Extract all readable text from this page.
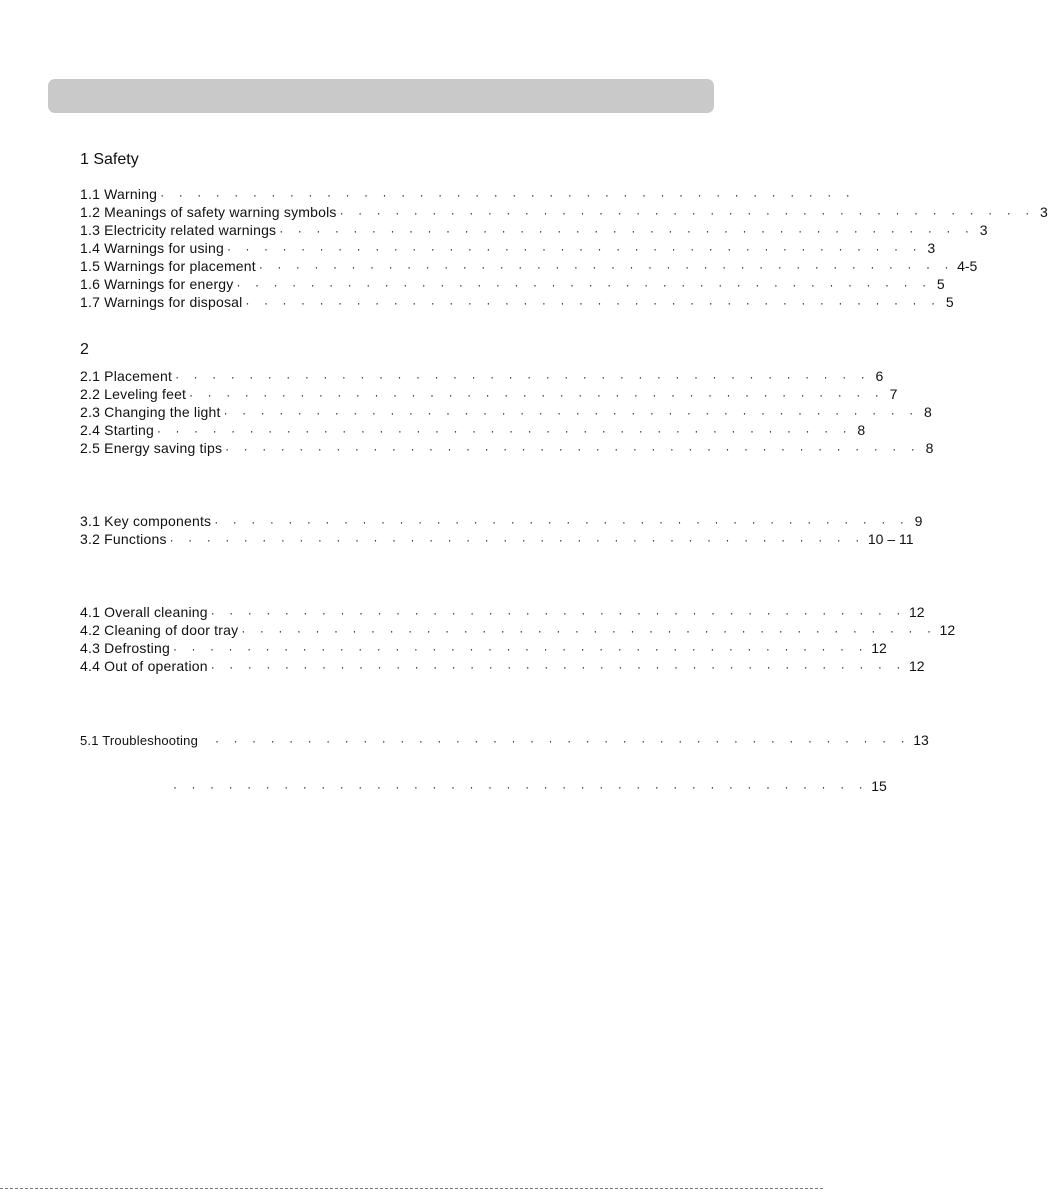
1 Safety
1.1 Warning · · · · · · · · · · · · · · · · · · · · · · · · · · · · · · · · · · · · · ·
1.2 Meanings of safety warning symbols · · · · · · · · · · · · · · · · · · · · · · · · · · · · · · · · · · · · · · 3
1.3 Electricity related warnings · · · · · · · · · · · · · · · · · · · · · · · · · · · · · · · · · · · · · · 3
1.4 Warnings for using · · · · · · · · · · · · · · · · · · · · · · · · · · · · · · · · · · · · · · 3
1.5 Warnings for placement · · · · · · · · · · · · · · · · · · · · · · · · · · · · · · · · · · · · · · 4-5
1.6 Warnings for energy · · · · · · · · · · · · · · · · · · · · · · · · · · · · · · · · · · · · · · 5
1.7 Warnings for disposal · · · · · · · · · · · · · · · · · · · · · · · · · · · · · · · · · · · · · · 5
2
2.1 Placement · · · · · · · · · · · · · · · · · · · · · · · · · · · · · · · · · · · · · · 6
2.2 Leveling feet · · · · · · · · · · · · · · · · · · · · · · · · · · · · · · · · · · · · · · 7
2.3 Changing the light · · · · · · · · · · · · · · · · · · · · · · · · · · · · · · · · · · · · · · 8
2.4 Starting · · · · · · · · · · · · · · · · · · · · · · · · · · · · · · · · · · · · · · 8
2.5 Energy saving tips · · · · · · · · · · · · · · · · · · · · · · · · · · · · · · · · · · · · · · 8
3.1 Key components · · · · · · · · · · · · · · · · · · · · · · · · · · · · · · · · · · · · · · 9
3.2 Functions · · · · · · · · · · · · · · · · · · · · · · · · · · · · · · · · · · · · · · 10 – 11
4.1 Overall cleaning · · · · · · · · · · · · · · · · · · · · · · · · · · · · · · · · · · · · · · 12
4.2 Cleaning of door tray · · · · · · · · · · · · · · · · · · · · · · · · · · · · · · · · · · · · · · 12
4.3 Defrosting · · · · · · · · · · · · · · · · · · · · · · · · · · · · · · · · · · · · · · 12
4.4 Out of operation · · · · · · · · · · · · · · · · · · · · · · · · · · · · · · · · · · · · · · 12
5.1 Troubleshooting · · · · · · · · · · · · · · · · · · · · · · · · · · · · · · · · · · · · · · 13
· · · · · · · · · · · · · · · · · · · · · · · · · · · · · · · · · · · · · · 15
